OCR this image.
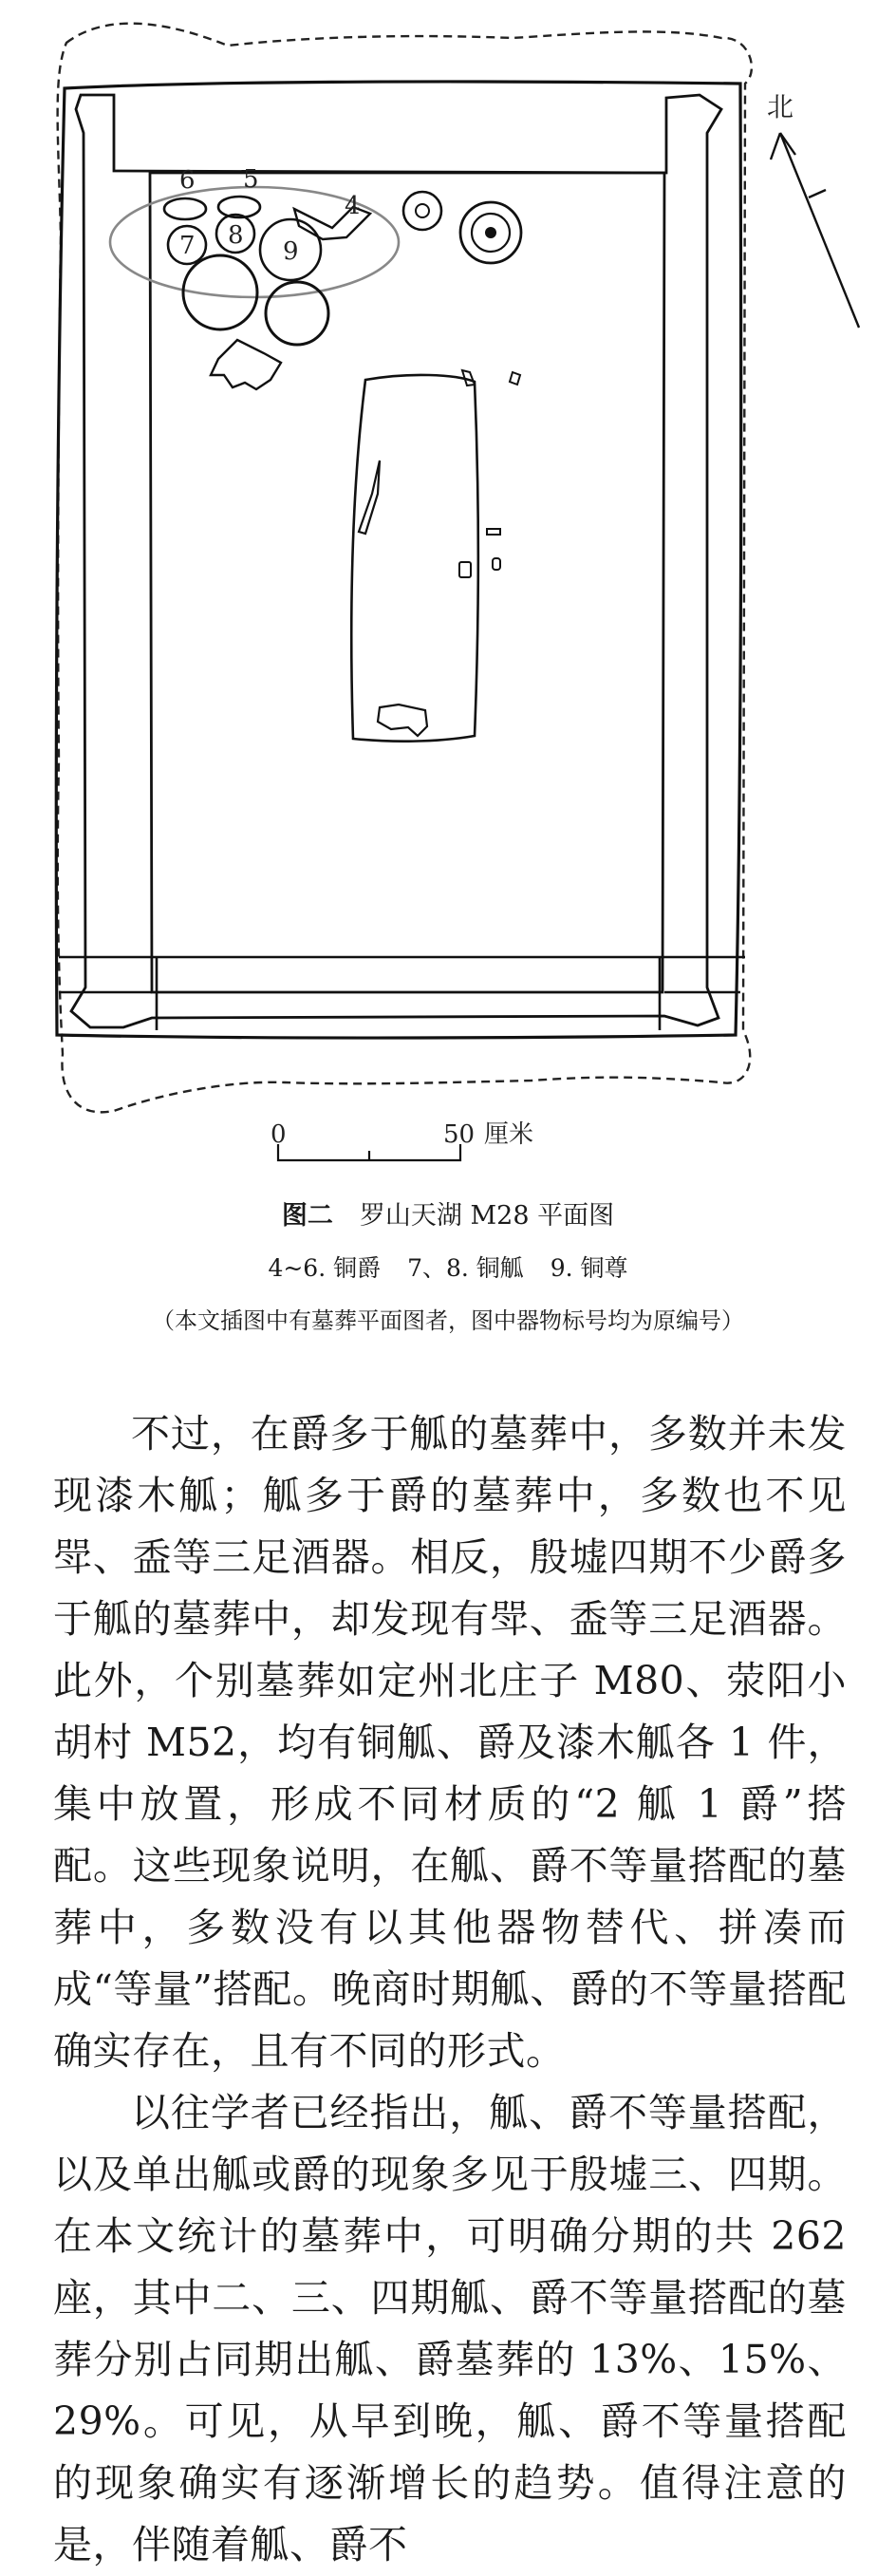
6 5
4
7 8
9
北
0	50 厘米
图二 罗山天湖 M28 平面图
4~6. 铜爵 7、8. 铜觚 9. 铜尊
（本文插图中有墓葬平面图者，图中器物标号均为原编号）

不过，在爵多于觚的墓葬中，多数并未发现漆木觚；觚多于爵的墓葬中，多数也不见斝、盉等三足酒器。相反，殷墟四期不少爵多于觚的墓葬中，却发现有斝、盉等三足酒器。此外，个别墓葬如定州北庄子 M80、荥阳小胡村 M52，均有铜觚、爵及漆木觚各 1 件，集中放置，形成不同材质的“2 觚 1 爵”搭配。这些现象说明，在觚、爵不等量搭配的墓葬中，多数没有以其他器物替代、拼凑而成“等量”搭配。晚商时期觚、爵的不等量搭配确实存在，且有不同的形式。

以往学者已经指出，觚、爵不等量搭配，以及单出觚或爵的现象多见于殷墟三、四期。在本文统计的墓葬中，可明确分期的共 262 座，其中二、三、四期觚、爵不等量搭配的墓葬分别占同期出觚、爵墓葬的 13%、15%、29%。可见，从早到晚，觚、爵不等量搭配的现象确实有逐渐增长的趋势。值得注意的是，伴随着觚、爵不
